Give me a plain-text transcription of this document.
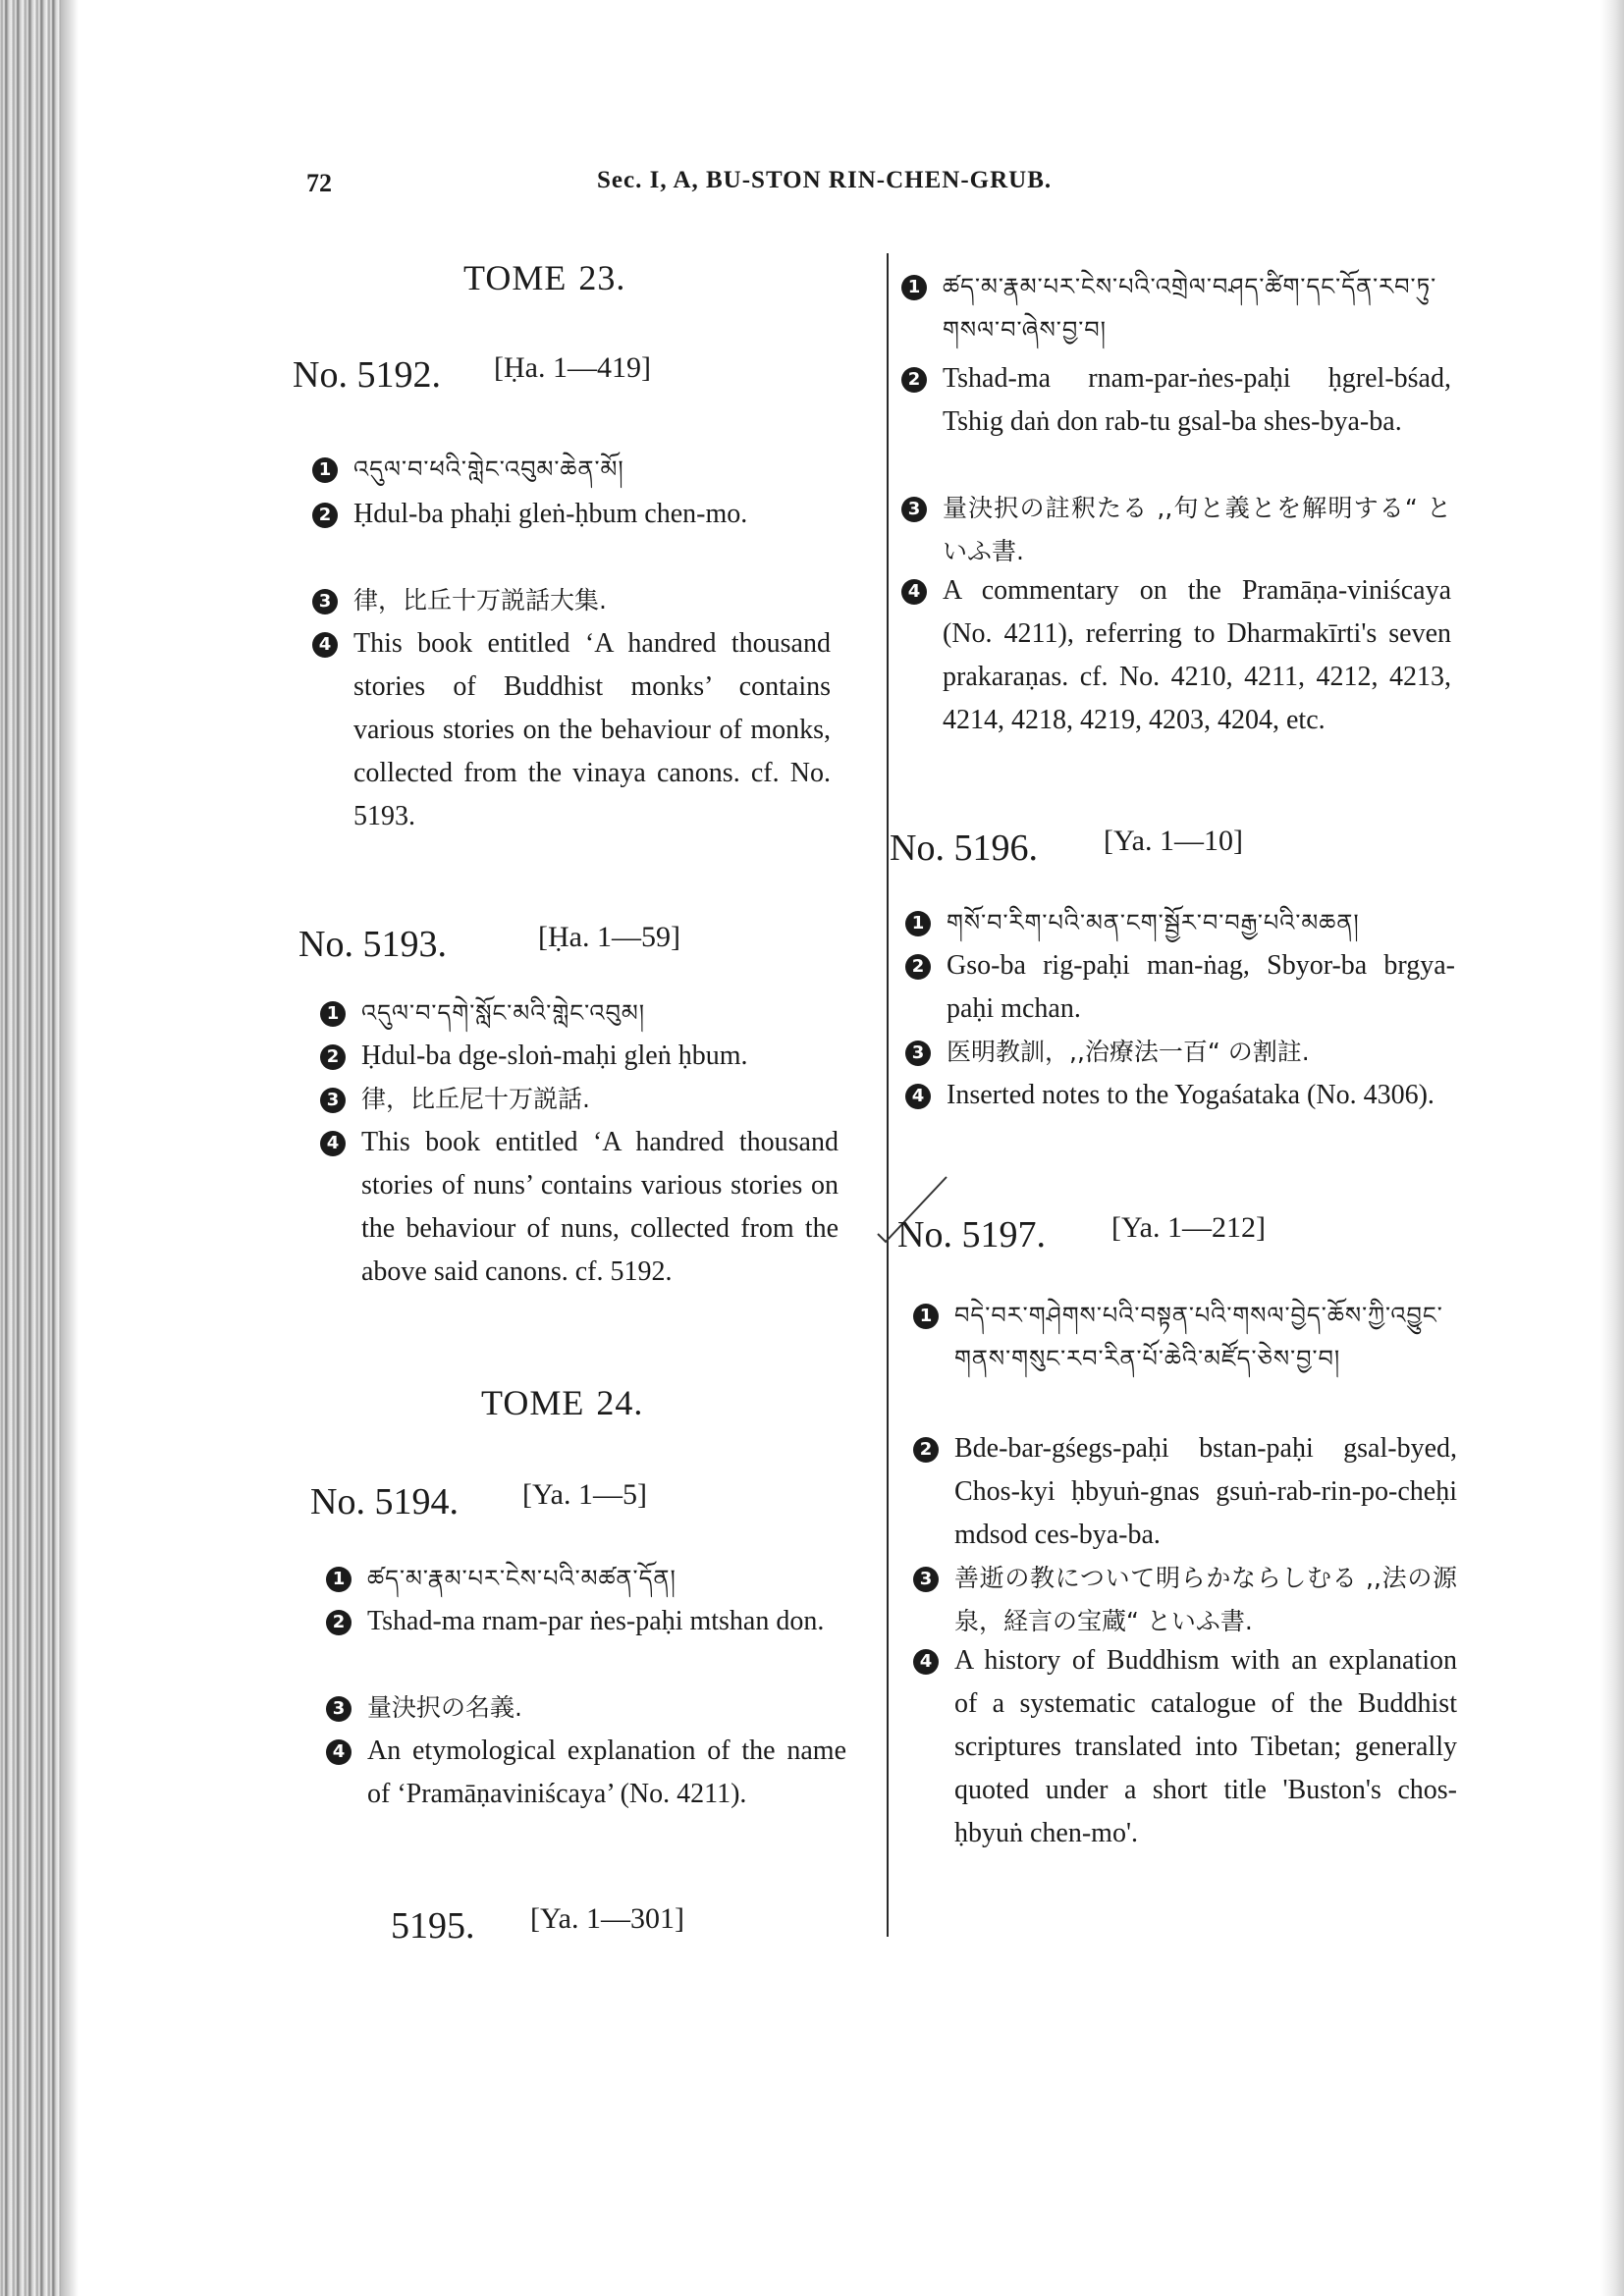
72	Sec. I, A, BU-STON RIN-CHEN-GRUB.
TOME 23.
No. 5192. [Ḥa. 1—419]
1 འདུལ་བ་ཕའི་གླེང་འབུམ་ཆེན་མོ།
2 Ḥdul-ba phaḥi gleṅ-ḥbum chen-mo.
3 律，比丘十万説話大集.
4 This book entitled ‘A handred thousand stories of Buddhist monks’ contains various stories on the behaviour of monks, collected from the vinaya canons. cf. No. 5193.
No. 5193.	[Ḥa. 1—59]
1 འདུལ་བ་དགེ་སློང་མའི་གླེང་འབུམ།
2 Ḥdul-ba dge-sloṅ-maḥi gleṅ ḥbum.
3 律，比丘尼十万説話.
4 This book entitled ‘A handred thousand stories of nuns’ contains various stories on the behaviour of nuns, collected from the above said canons. cf. 5192.
TOME 24.
No. 5194. [Ya. 1—5]
1 ཚད་མ་རྣམ་པར་ངེས་པའི་མཚན་དོན།
2 Tshad-ma rnam-par ṅes-paḥi mtshan don.
3 量決択の名義.
4 An etymological explanation of the name of ‘Pramāṇaviniścaya’ (No. 4211).
5195. [Ya. 1—301]
1 ཚད་མ་རྣམ་པར་ངེས་པའི་འགྲེལ་བཤད་ཚིག་དང་དོན་རབ་ཏུ་གསལ་བ་ཞེས་བྱ་བ།
2 Tshad-ma rnam-par-ṅes-paḥi ḥgrel-bśad, Tshig daṅ don rab-tu gsal-ba shes-bya-ba.
3 量決択の註釈たる ,,句と義とを解明する“ といふ書.
4 A commentary on the Pramāṇa-viniścaya (No. 4211), referring to Dharmakīrti's seven prakaraṇas. cf. No. 4210, 4211, 4212, 4213, 4214, 4218, 4219, 4203, 4204, etc.
No. 5196. [Ya. 1—10]
1 གསོ་བ་རིག་པའི་མན་ངག་སྦྱོར་བ་བརྒྱ་པའི་མཆན།
2 Gso-ba rig-paḥi man-ṅag, Sbyor-ba brgya-paḥi mchan.
3 医明教訓，,,治療法一百“ の割註.
4 Inserted notes to the Yogaśataka (No. 4306).
No. 5197. [Ya. 1—212]
1 བདེ་བར་གཤེགས་པའི་བསྟན་པའི་གསལ་བྱེད་ཆོས་ཀྱི་འབྱུང་གནས་གསུང་རབ་རིན་པོ་ཆེའི་མཛོད་ཅེས་བྱ་བ།
2 Bde-bar-gśegs-paḥi bstan-paḥi gsal-byed, Chos-kyi ḥbyuṅ-gnas gsuṅ-rab-rin-po-cheḥi mdsod ces-bya-ba.
3 善逝の教について明らかならしむる ,,法の源泉，経言の宝蔵“ といふ書.
4 A history of Buddhism with an explanation of a systematic catalogue of the Buddhist scriptures translated into Tibetan; generally quoted under a short title 'Buston's chos-ḥbyuṅ chen-mo'.
